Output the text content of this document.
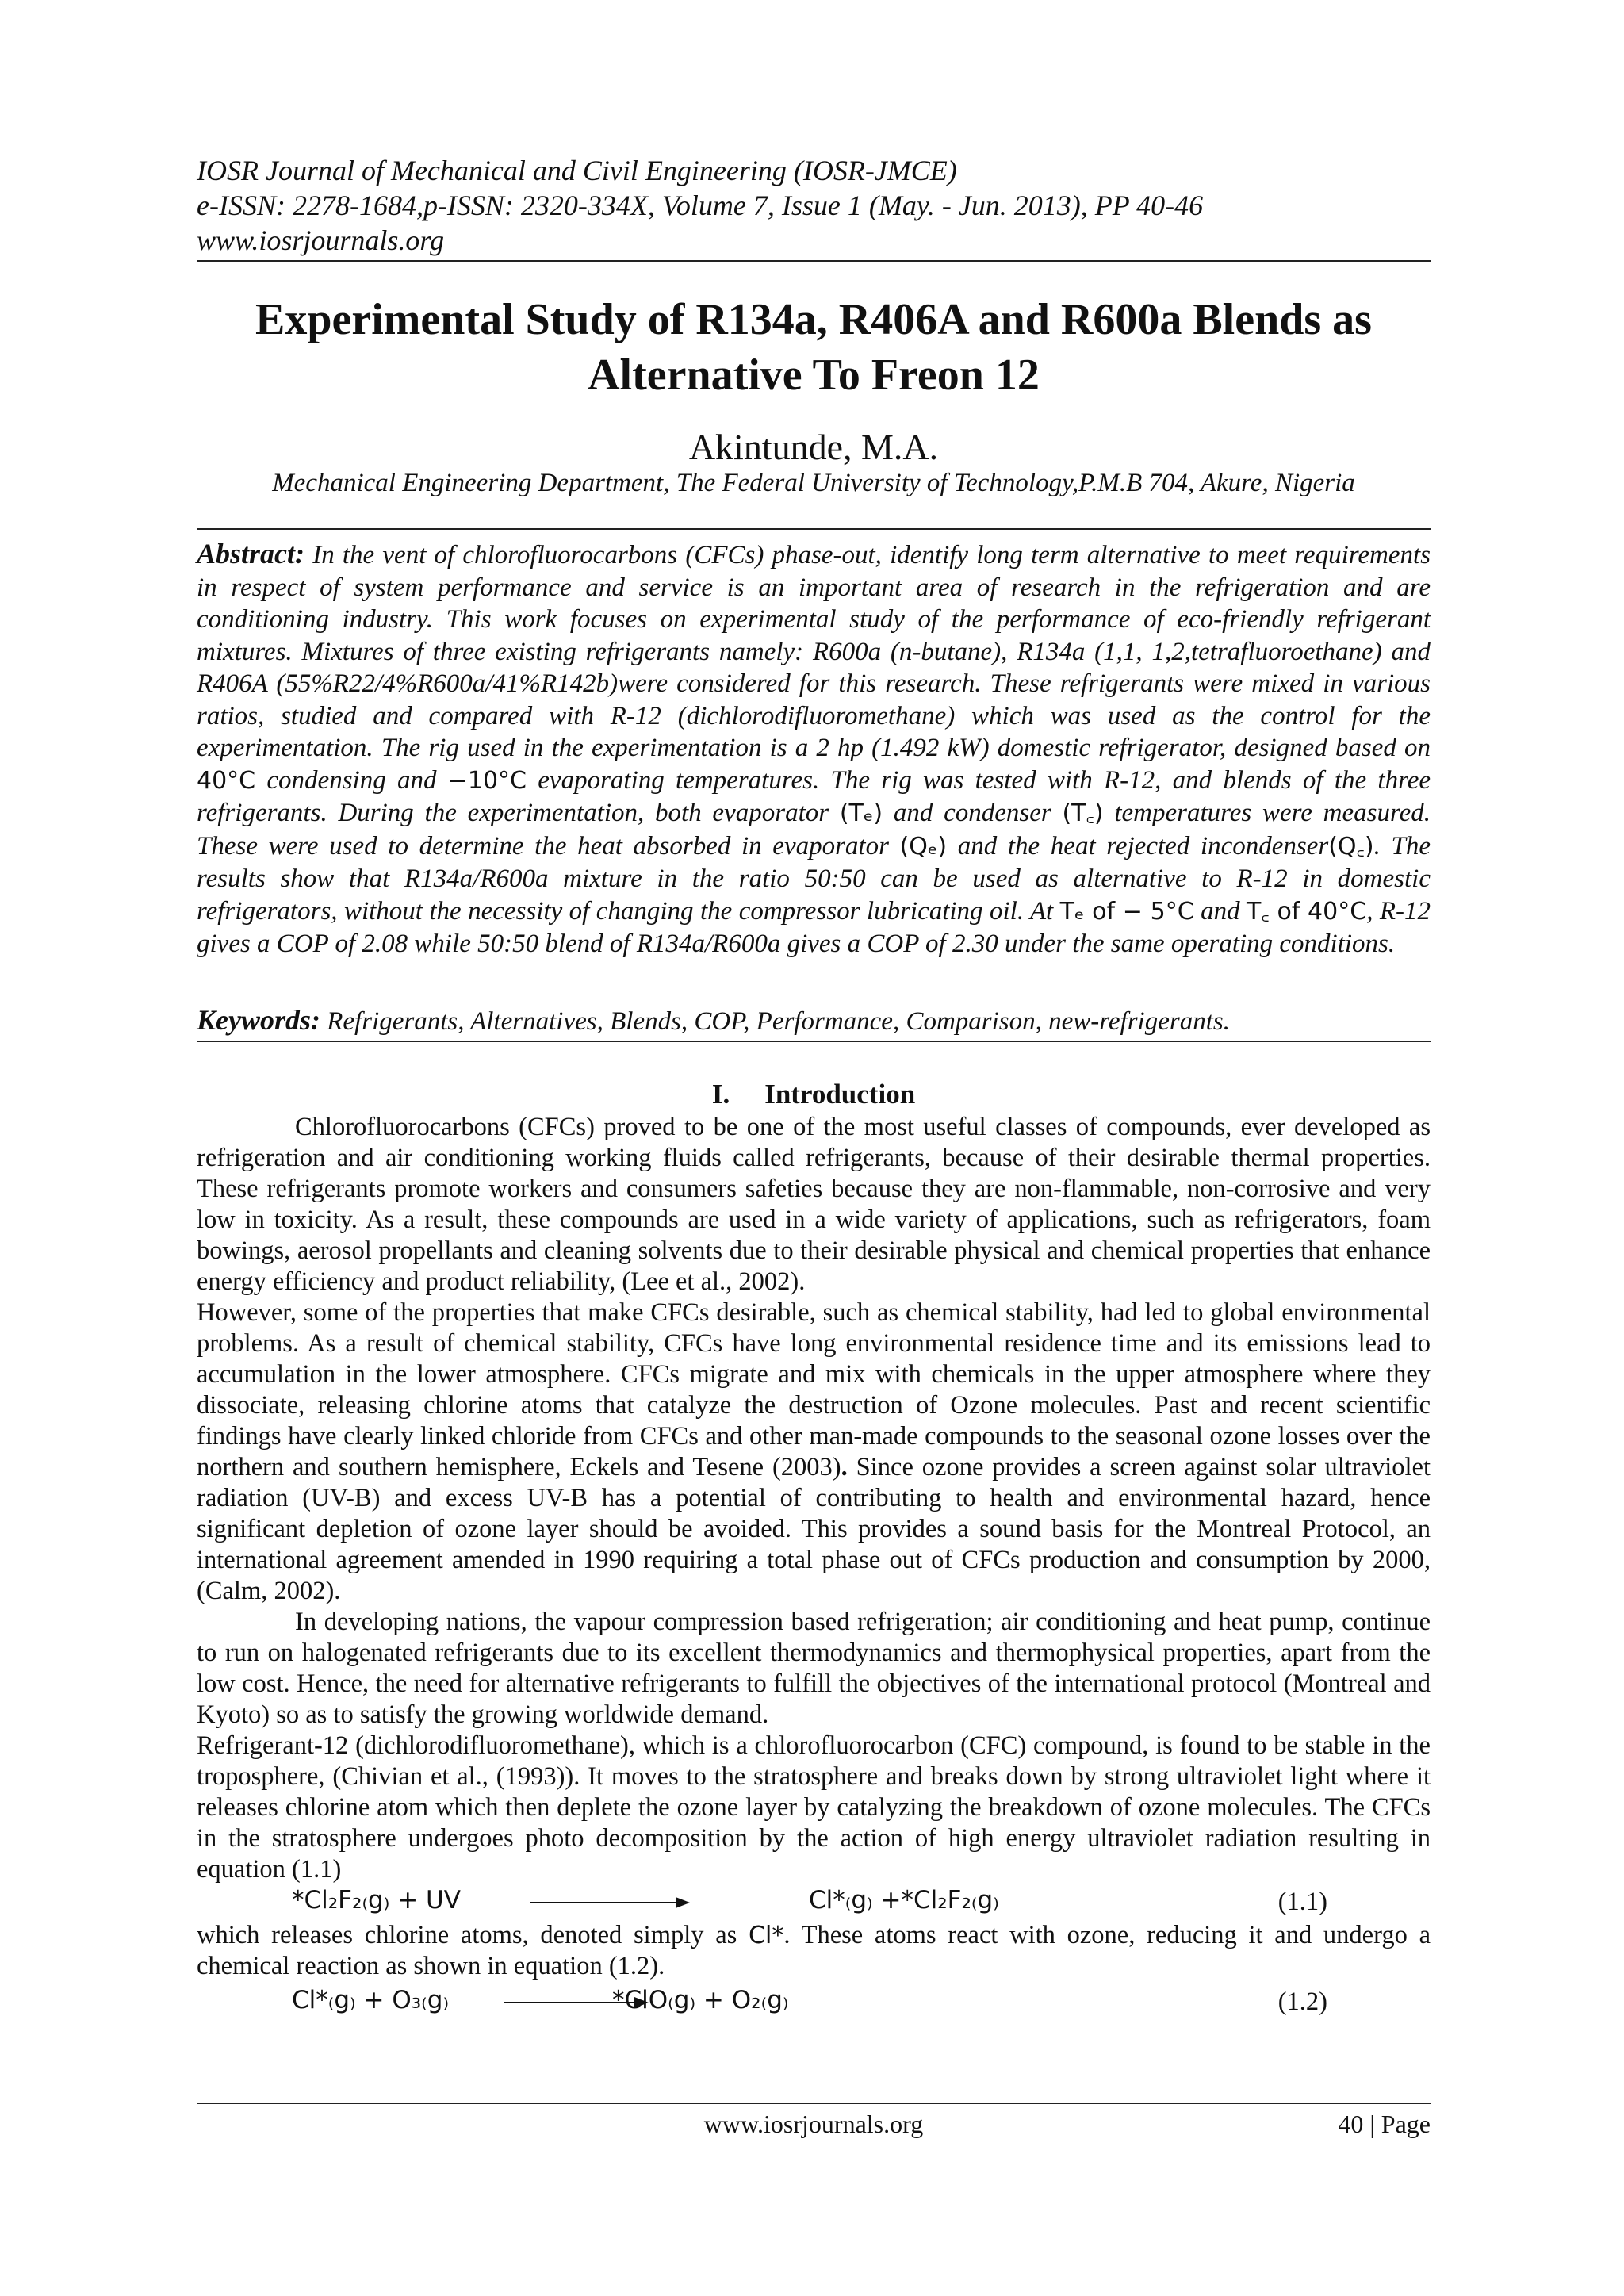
IOSR Journal of Mechanical and Civil Engineering (IOSR-JMCE)
e-ISSN: 2278-1684,p-ISSN: 2320-334X, Volume 7, Issue 1 (May. - Jun. 2013), PP 40-46
www.iosrjournals.org
Experimental Study of R134a, R406A and R600a Blends as Alternative To Freon 12
Akintunde, M.A.
Mechanical Engineering Department, The Federal University of Technology,P.M.B 704, Akure, Nigeria
Abstract: In the vent of chlorofluorocarbons (CFCs) phase-out, identify long term alternative to meet requirements in respect of system performance and service is an important area of research in the refrigeration and are conditioning industry. This work focuses on experimental study of the performance of eco-friendly refrigerant mixtures. Mixtures of three existing refrigerants namely: R600a (n-butane), R134a (1,1, 1,2,tetrafluoroethane) and R406A (55%R22/4%R600a/41%R142b)were considered for this research. These refrigerants were mixed in various ratios, studied and compared with R-12 (dichlorodifluoromethane) which was used as the control for the experimentation. The rig used in the experimentation is a 2 hp (1.492 kW) domestic refrigerator, designed based on 40°C condensing and −10°C evaporating temperatures. The rig was tested with R-12, and blends of the three refrigerants. During the experimentation, both evaporator (Tₑ) and condenser (T꜀) temperatures were measured. These were used to determine the heat absorbed in evaporator (Qₑ) and the heat rejected incondenser(Q꜀). The results show that R134a/R600a mixture in the ratio 50:50 can be used as alternative to R-12 in domestic refrigerators, without the necessity of changing the compressor lubricating oil. At Tₑ of − 5°C and T꜀ of 40°C, R-12 gives a COP of 2.08 while 50:50 blend of R134a/R600a gives a COP of 2.30 under the same operating conditions.
Keywords: Refrigerants, Alternatives, Blends, COP, Performance, Comparison, new-refrigerants.
I. Introduction

Chlorofluorocarbons (CFCs) proved to be one of the most useful classes of compounds, ever developed as refrigeration and air conditioning working fluids called refrigerants, because of their desirable thermal properties. These refrigerants promote workers and consumers safeties because they are non-flammable, non-corrosive and very low in toxicity. As a result, these compounds are used in a wide variety of applications, such as refrigerators, foam bowings, aerosol propellants and cleaning solvents due to their desirable physical and chemical properties that enhance energy efficiency and product reliability, (Lee et al., 2002).

However, some of the properties that make CFCs desirable, such as chemical stability, had led to global environmental problems. As a result of chemical stability, CFCs have long environmental residence time and its emissions lead to accumulation in the lower atmosphere. CFCs migrate and mix with chemicals in the upper atmosphere where they dissociate, releasing chlorine atoms that catalyze the destruction of Ozone molecules. Past and recent scientific findings have clearly linked chloride from CFCs and other man-made compounds to the seasonal ozone losses over the northern and southern hemisphere, Eckels and Tesene (2003). Since ozone provides a screen against solar ultraviolet radiation (UV-B) and excess UV-B has a potential of contributing to health and environmental hazard, hence significant depletion of ozone layer should be avoided. This provides a sound basis for the Montreal Protocol, an international agreement amended in 1990 requiring a total phase out of CFCs production and consumption by 2000, (Calm, 2002).

In developing nations, the vapour compression based refrigeration; air conditioning and heat pump, continue to run on halogenated refrigerants due to its excellent thermodynamics and thermophysical properties, apart from the low cost. Hence, the need for alternative refrigerants to fulfill the objectives of the international protocol (Montreal and Kyoto) so as to satisfy the growing worldwide demand.

Refrigerant-12 (dichlorodifluoromethane), which is a chlorofluorocarbon (CFC) compound, is found to be stable in the troposphere, (Chivian et al., (1993)). It moves to the stratosphere and breaks down by strong ultraviolet light where it releases chlorine atom which then deplete the ozone layer by catalyzing the breakdown of ozone molecules. The CFCs in the stratosphere undergoes photo decomposition by the action of high energy ultraviolet radiation resulting in equation (1.1)

*Cl₂F₂₍g₎ + UV	Cl*₍g₎ +*Cl₂F₂₍g₎	(1.1)

which releases chlorine atoms, denoted simply as Cl*. These atoms react with ozone, reducing it and undergo a chemical reaction as shown in equation (1.2).

Cl*₍g₎ + O₃₍g₎	*ClO₍g₎ + O₂₍g₎	(1.2)
www.iosrjournals.org	40 | Page
